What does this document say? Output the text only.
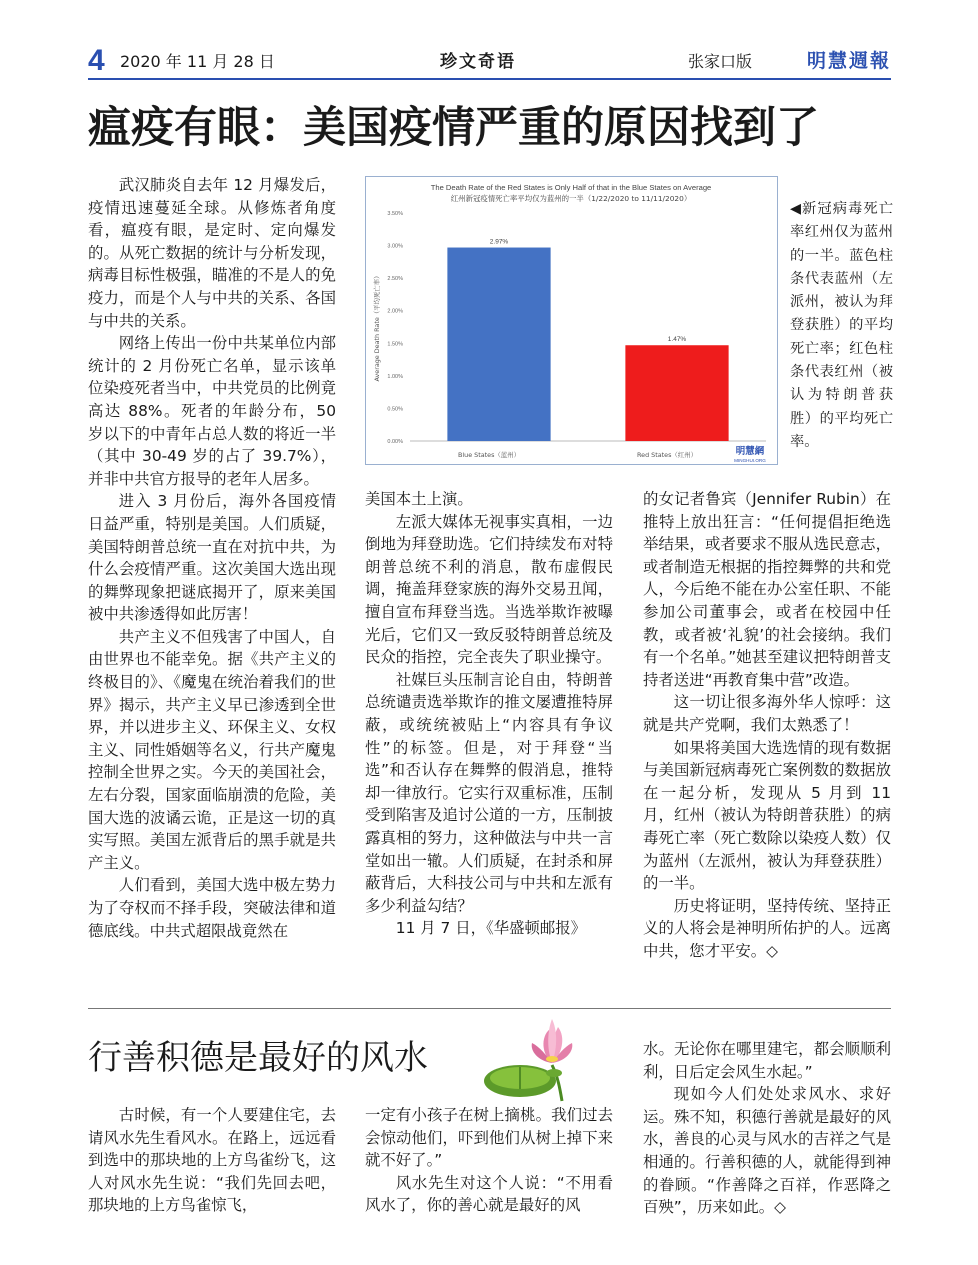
4 2020 年 11 月 28 日	珍文奇语	张家口版	明慧週報
瘟疫有眼：美国疫情严重的原因找到了

武汉肺炎自去年 12 月爆发后，疫情迅速蔓延全球。从修炼者角度看，瘟疫有眼，是定时、定向爆发的。从死亡数据的统计与分析发现，病毒目标性极强，瞄准的不是人的免疫力，而是个人与中共的关系、各国与中共的关系。

网络上传出一份中共某单位内部统计的 2 月份死亡名单，显示该单位染疫死者当中，中共党员的比例竟高达 88%。死者的年龄分布，50 岁以下的中青年占总人数的将近一半（其中 30-49 岁的占了 39.7%），并非中共官方报导的老年人居多。

进入 3 月份后，海外各国疫情日益严重，特别是美国。人们质疑，美国特朗普总统一直在对抗中共，为什么会疫情严重。这次美国大选出现的舞弊现象把谜底揭开了，原来美国被中共渗透得如此厉害！

共产主义不但残害了中国人，自由世界也不能幸免。据《共产主义的终极目的》、《魔鬼在统治着我们的世界》揭示，共产主义早已渗透到全世界，并以进步主义、环保主义、女权主义、同性婚姻等名义，行共产魔鬼控制全世界之实。今天的美国社会，左右分裂，国家面临崩溃的危险，美国大选的波谲云诡，正是这一切的真实写照。美国左派背后的黑手就是共产主义。

人们看到，美国大选中极左势力为了夺权而不择手段，突破法律和道德底线。中共式超限战竟然在

The Death Rate of the Red States is Only Half of that in the Blue States on Average
红州新冠疫情死亡率平均仅为蓝州的一半（1/22/2020 to 11/11/2020）
0.00%
0.50%
1.00%
1.50%
2.00%
2.50%
3.00%
3.50%
Average Death Rate（平均死亡率）
2.97%
Blue States（蓝州）
1.47%
Red States（红州）	明慧網
MINGHUI.ORG
◀新冠病毒死亡率红州仅为蓝州的一半。蓝色柱条代表蓝州（左派州，被认为拜登获胜）的平均死亡率；红色柱条代表红州（被认为特朗普获胜）的平均死亡率。

美国本土上演。

左派大媒体无视事实真相，一边倒地为拜登助选。它们持续发布对特朗普总统不利的消息，散布虚假民调，掩盖拜登家族的海外交易丑闻，擅自宣布拜登当选。当选举欺诈被曝光后，它们又一致反驳特朗普总统及民众的指控，完全丧失了职业操守。

社媒巨头压制言论自由，特朗普总统谴责选举欺诈的推文屡遭推特屏蔽，或统统被贴上“内容具有争议性”的标签。但是，对于拜登“当选”和否认存在舞弊的假消息，推特却一律放行。它实行双重标准，压制受到陷害及追讨公道的一方，压制披露真相的努力，这种做法与中共一言堂如出一辙。人们质疑，在封杀和屏蔽背后，大科技公司与中共和左派有多少利益勾结？

11 月 7 日，《华盛顿邮报》

的女记者鲁宾（Jennifer Rubin）在推特上放出狂言：“任何提倡拒绝选举结果，或者要求不服从选民意志，或者制造无根据的指控舞弊的共和党人，今后绝不能在办公室任职、不能参加公司董事会，或者在校园中任教，或者被‘礼貌’的社会接纳。我们有一个名单。”她甚至建议把特朗普支持者送进“再教育集中营”改造。

这一切让很多海外华人惊呼：这就是共产党啊，我们太熟悉了！

如果将美国大选选情的现有数据与美国新冠病毒死亡案例数的数据放在一起分析，发现从 5 月到 11 月，红州（被认为特朗普获胜）的病毒死亡率（死亡数除以染疫人数）仅为蓝州（左派州，被认为拜登获胜）的一半。

历史将证明，坚持传统、坚持正义的人将会是神明所佑护的人。远离中共，您才平安。◇

行善积德是最好的风水

古时候，有一个人要建住宅，去请风水先生看风水。在路上，远远看到选中的那块地的上方鸟雀纷飞，这人对风水先生说：“我们先回去吧，那块地的上方鸟雀惊飞，

一定有小孩子在树上摘桃。我们过去会惊动他们，吓到他们从树上掉下来就不好了。”

风水先生对这个人说：“不用看风水了，你的善心就是最好的风

水。无论你在哪里建宅，都会顺顺利利，日后定会风生水起。”

现如今人们处处求风水、求好运。殊不知，积德行善就是最好的风水，善良的心灵与风水的吉祥之气是相通的。行善积德的人，就能得到神的眷顾。“作善降之百祥，作恶降之百殃”，历来如此。◇
